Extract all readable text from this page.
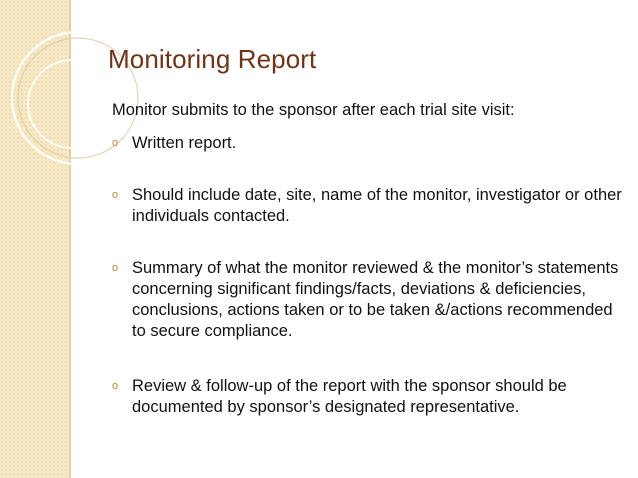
Monitoring Report

Monitor submits to the sponsor after each trial site visit:

o Written report.
o Should include date, site, name of the monitor, investigator or other individuals contacted.
o Summary of what the monitor reviewed & the monitor’s statements concerning significant findings/facts, deviations & deficiencies, conclusions, actions taken or to be taken &/actions recommended to secure compliance.
o Review & follow-up of the report with the sponsor should be documented by sponsor’s designated representative.
